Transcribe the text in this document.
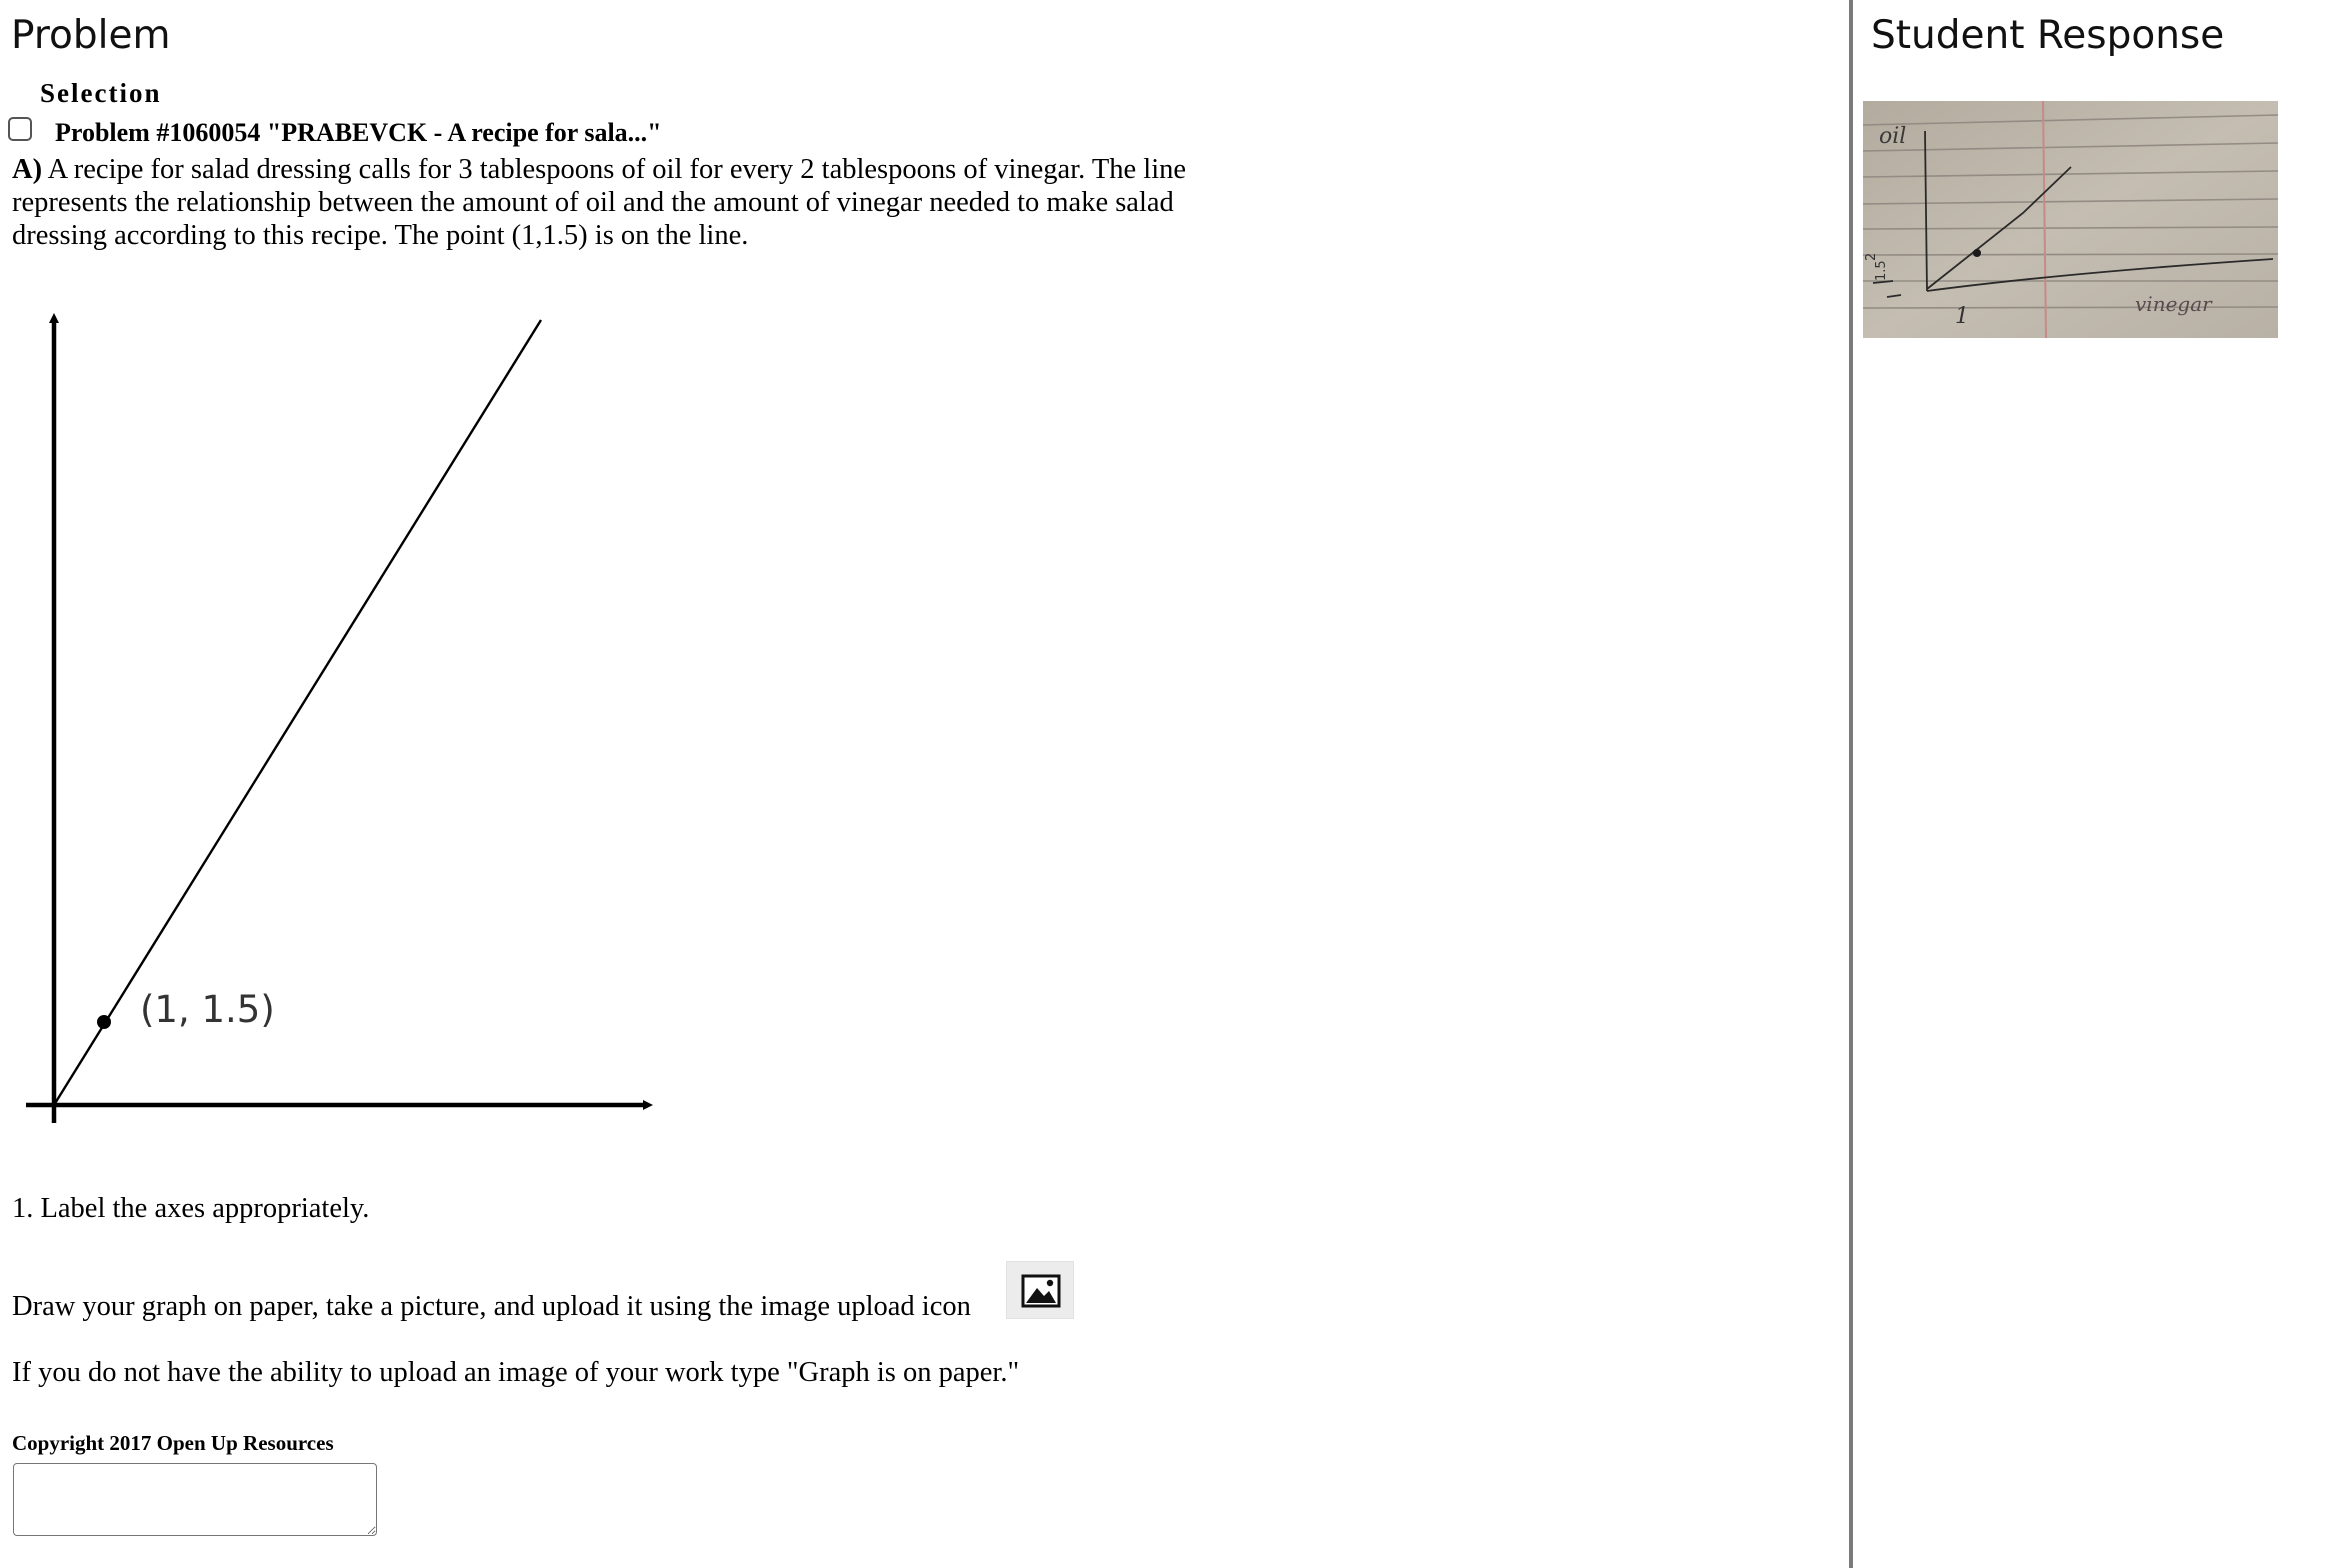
Problem
Selection
Problem #1060054 "PRABEVCK - A recipe for sala..."
A) A recipe for salad dressing calls for 3 tablespoons of oil for every 2 tablespoons of vinegar. The line represents the relationship between the amount of oil and the amount of vinegar needed to make salad dressing according to this recipe. The point (1,1.5) is on the line.
(1, 1.5)
1. Label the axes appropriately.
Draw your graph on paper, take a picture, and upload it using the image upload icon
If you do not have the ability to upload an image of your work type "Graph is on paper."
Copyright 2017 Open Up Resources
Student Response
oil
vinegar
2
1.5
1
